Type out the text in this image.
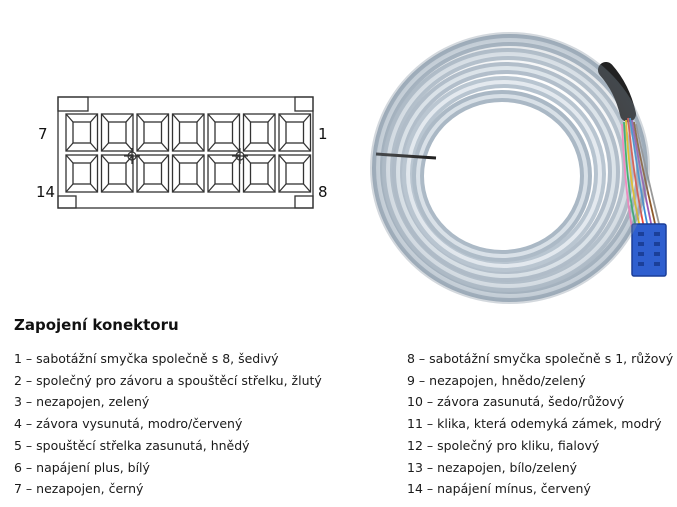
7	1
14	8
Zapojení konektoru
1 – sabotážní smyčka společně s 8, šedivý
2 – společný pro závoru a spouštěcí střelku, žlutý
3 – nezapojen, zelený
4 – závora vysunutá, modro/červený
5 – spouštěcí střelka zasunutá, hnědý
6 – napájení plus, bílý
7 – nezapojen, černý
8 – sabotážní smyčka společně s 1, růžový
9 – nezapojen, hnědo/zelený
10 – závora zasunutá, šedo/růžový
11 – klika, která odemyká zámek, modrý
12 – společný pro kliku, fialový
13 – nezapojen, bílo/zelený
14 – napájení mínus, červený
